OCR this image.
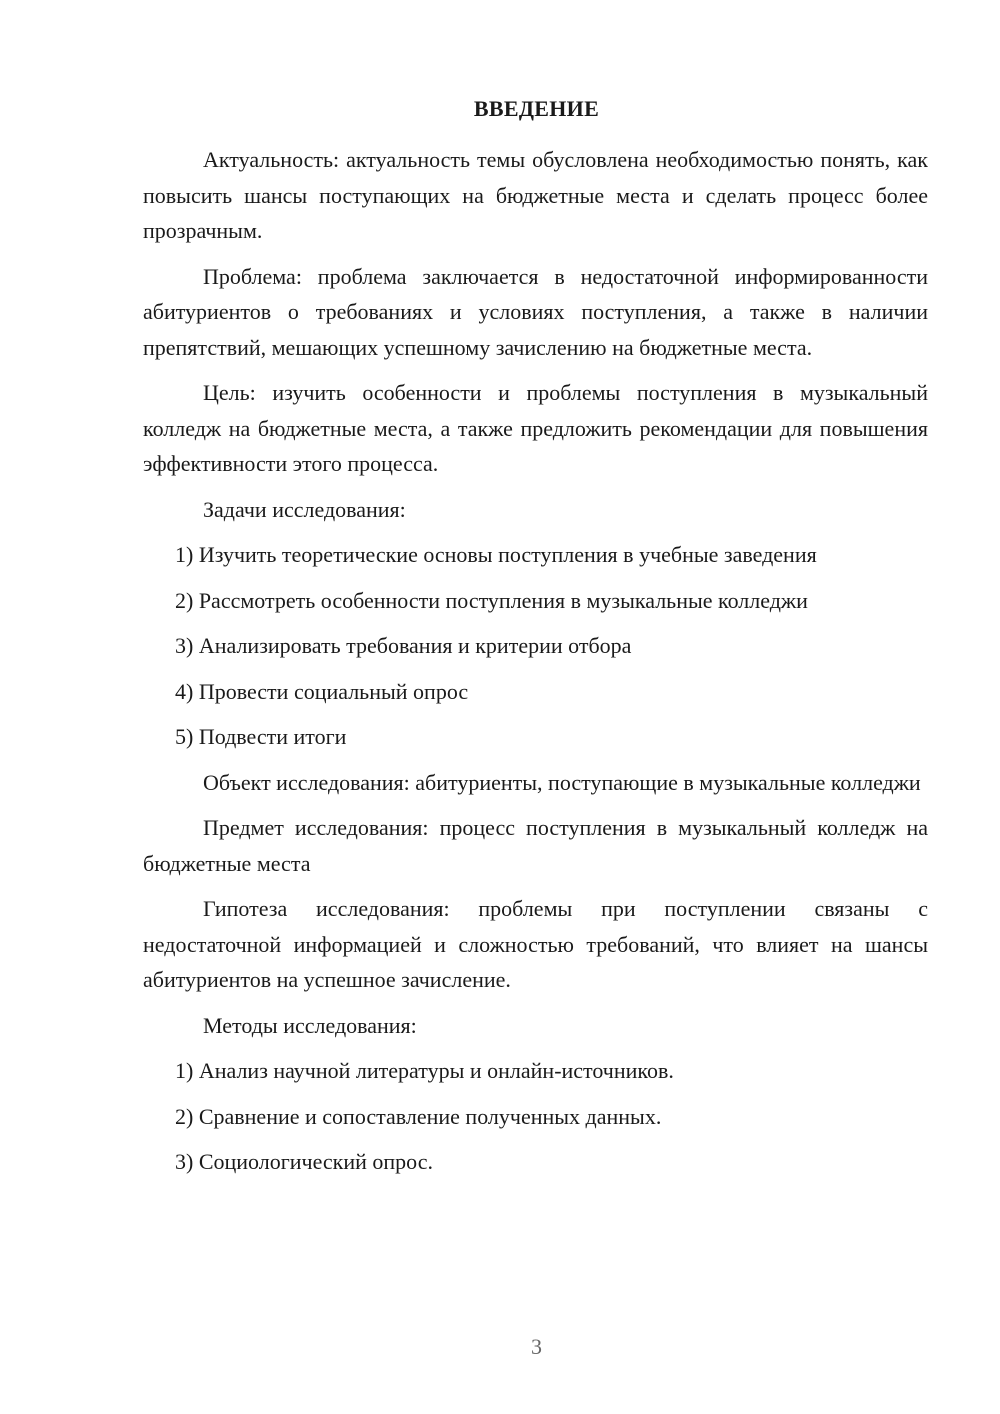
ВВЕДЕНИЕ

Актуальность: актуальность темы обусловлена необходимостью понять, как повысить шансы поступающих на бюджетные места и сделать процесс более прозрачным.

Проблема: проблема заключается в недостаточной информированности абитуриентов о требованиях и условиях поступления, а также в наличии препятствий, мешающих успешному зачислению на бюджетные места.

Цель: изучить особенности и проблемы поступления в музыкальный колледж на бюджетные места, а также предложить рекомендации для повышения эффективности этого процесса.

Задачи исследования:

1) Изучить теоретические основы поступления в учебные заведения

2) Рассмотреть особенности поступления в музыкальные колледжи

3) Анализировать требования и критерии отбора

4) Провести социальный опрос

5) Подвести итоги

Объект исследования: абитуриенты, поступающие в музыкальные колледжи

Предмет исследования: процесс поступления в музыкальный колледж на бюджетные места

Гипотеза исследования: проблемы при поступлении связаны с недостаточной информацией и сложностью требований, что влияет на шансы абитуриентов на успешное зачисление.

Методы исследования:

1) Анализ научной литературы и онлайн-источников.

2) Сравнение и сопоставление полученных данных.

3) Социологический опрос.

3
